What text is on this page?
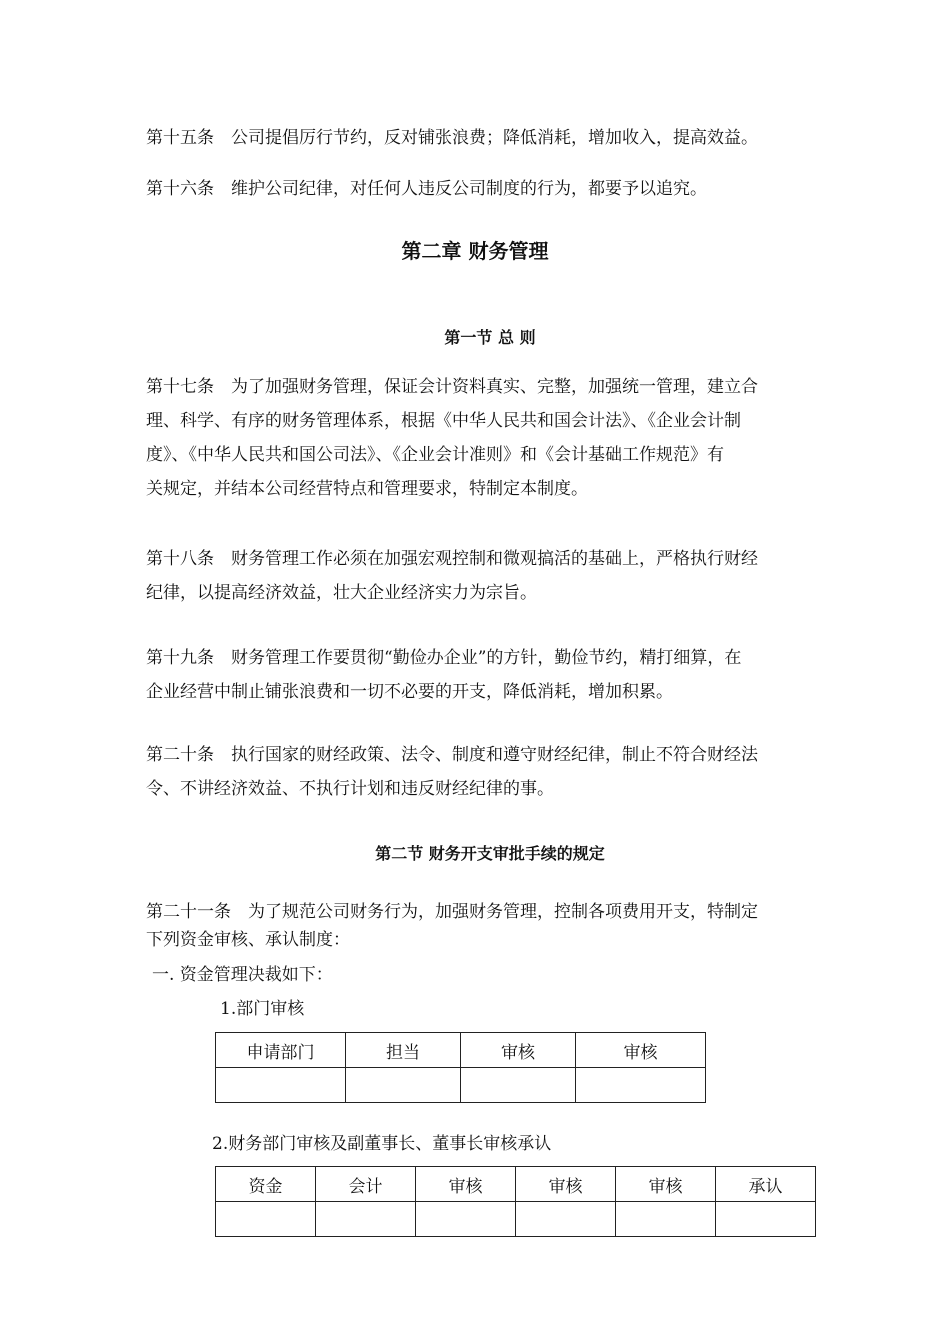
第十五条　公司提倡厉行节约，反对铺张浪费；降低消耗，增加收入，提高效益。
第十六条　维护公司纪律，对任何人违反公司制度的行为，都要予以追究。
第二章 财务管理
第一节 总 则
第十七条　为了加强财务管理，保证会计资料真实、完整，加强统一管理，建立合
理、科学、有序的财务管理体系，根据《中华人民共和国会计法》、《企业会计制
度》、《中华人民共和国公司法》、《企业会计准则》和《会计基础工作规范》有
关规定，并结本公司经营特点和管理要求，特制定本制度。
第十八条　财务管理工作必须在加强宏观控制和微观搞活的基础上，严格执行财经
纪律，以提高经济效益，壮大企业经济实力为宗旨。
第十九条　财务管理工作要贯彻“勤俭办企业”的方针，勤俭节约，精打细算，在
企业经营中制止铺张浪费和一切不必要的开支，降低消耗，增加积累。
第二十条　执行国家的财经政策、法令、制度和遵守财经纪律，制止不符合财经法
令、不讲经济效益、不执行计划和违反财经纪律的事。
第二节 财务开支审批手续的规定
第二十一条　为了规范公司财务行为，加强财务管理，控制各项费用开支，特制定
下列资金审核、承认制度：
一. 资金管理决裁如下：
1.部门审核
申请部门	担当	审核	审核

2.财务部门审核及副董事长、董事长审核承认
资金	会计	审核	审核	审核	承认
